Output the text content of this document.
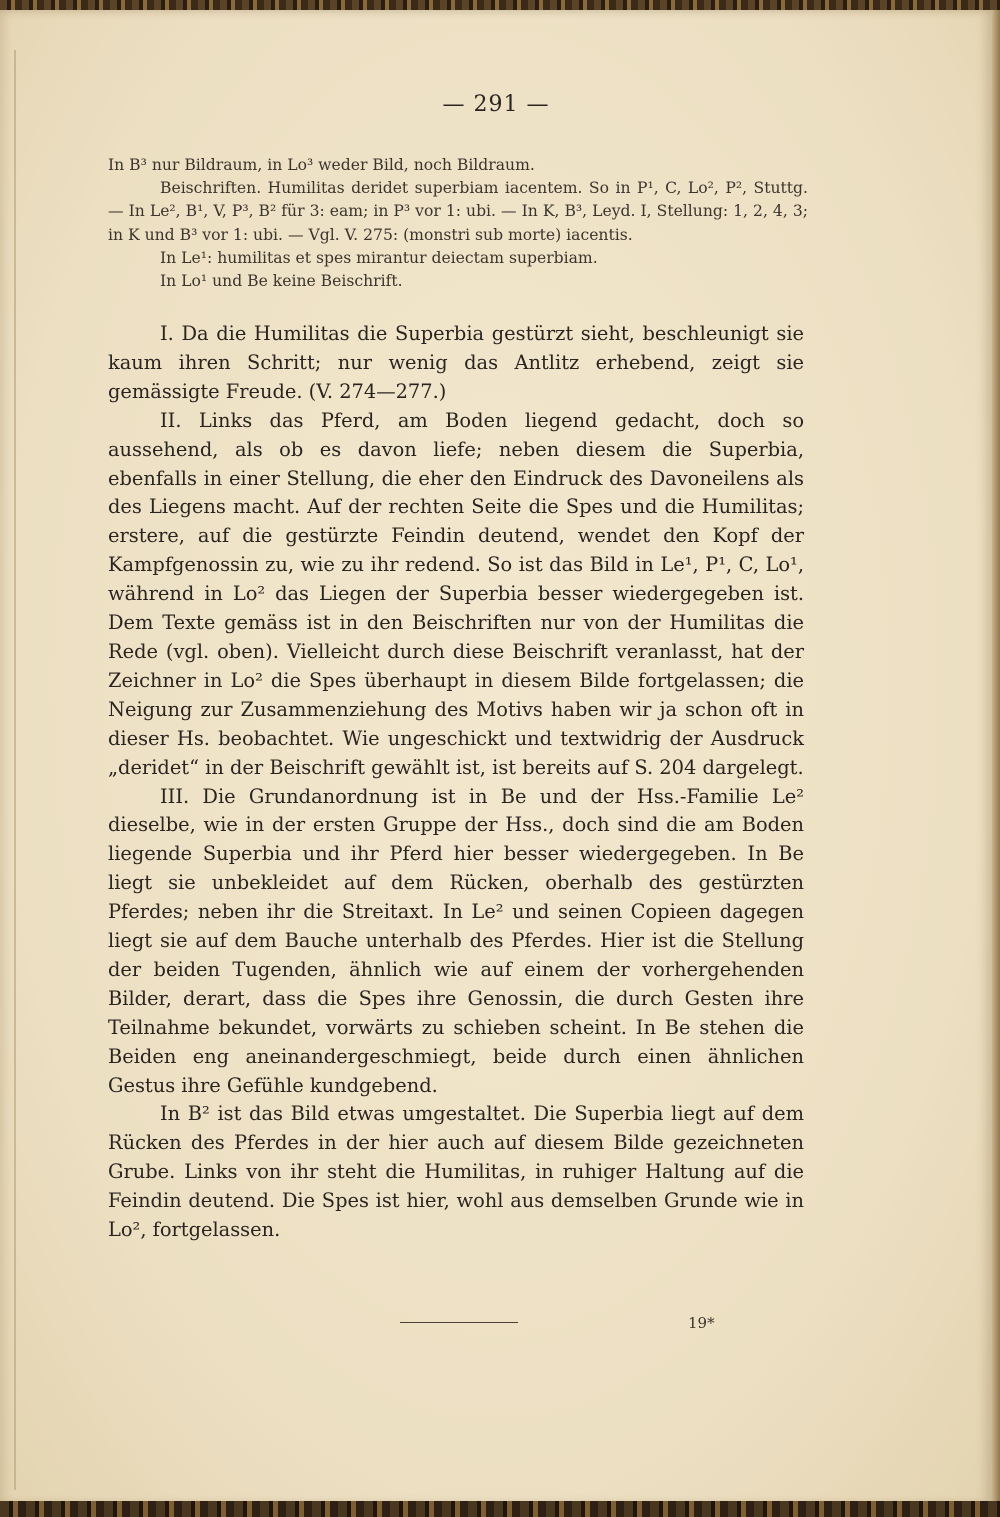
— 291 —
In B³ nur Bildraum, in Lo³ weder Bild, noch Bildraum.
Beischriften. Humilitas deridet superbiam iacentem. So in P¹, C, Lo², P², Stuttg. — In Le², B¹, V, P³, B² für 3: eam; in P³ vor 1: ubi. — In K, B³, Leyd. I, Stellung: 1, 2, 4, 3; in K und B³ vor 1: ubi. — Vgl. V. 275: (monstri sub morte) iacentis.
In Le¹: humilitas et spes mirantur deiectam superbiam.
In Lo¹ und Be keine Beischrift.

I. Da die Humilitas die Superbia gestürzt sieht, beschleunigt sie kaum ihren Schritt; nur wenig das Antlitz erhebend, zeigt sie gemässigte Freude. (V. 274—277.)

II. Links das Pferd, am Boden liegend gedacht, doch so aussehend, als ob es davon liefe; neben diesem die Superbia, ebenfalls in einer Stellung, die eher den Eindruck des Davoneilens als des Liegens macht. Auf der rechten Seite die Spes und die Humilitas; erstere, auf die gestürzte Feindin deutend, wendet den Kopf der Kampfgenossin zu, wie zu ihr redend. So ist das Bild in Le¹, P¹, C, Lo¹, während in Lo² das Liegen der Superbia besser wiedergegeben ist. Dem Texte gemäss ist in den Beischriften nur von der Humilitas die Rede (vgl. oben). Vielleicht durch diese Beischrift veranlasst, hat der Zeichner in Lo² die Spes überhaupt in diesem Bilde fortgelassen; die Neigung zur Zusammenziehung des Motivs haben wir ja schon oft in dieser Hs. beobachtet. Wie ungeschickt und textwidrig der Ausdruck „deridet“ in der Beischrift gewählt ist, ist bereits auf S. 204 dargelegt.

III. Die Grundanordnung ist in Be und der Hss.-Familie Le² dieselbe, wie in der ersten Gruppe der Hss., doch sind die am Boden liegende Superbia und ihr Pferd hier besser wiedergegeben. In Be liegt sie unbekleidet auf dem Rücken, oberhalb des gestürzten Pferdes; neben ihr die Streitaxt. In Le² und seinen Copieen dagegen liegt sie auf dem Bauche unterhalb des Pferdes. Hier ist die Stellung der beiden Tugenden, ähnlich wie auf einem der vorhergehenden Bilder, derart, dass die Spes ihre Genossin, die durch Gesten ihre Teilnahme bekundet, vorwärts zu schieben scheint. In Be stehen die Beiden eng aneinandergeschmiegt, beide durch einen ähnlichen Gestus ihre Gefühle kundgebend.

In B² ist das Bild etwas umgestaltet. Die Superbia liegt auf dem Rücken des Pferdes in der hier auch auf diesem Bilde gezeichneten Grube. Links von ihr steht die Humilitas, in ruhiger Haltung auf die Feindin deutend. Die Spes ist hier, wohl aus demselben Grunde wie in Lo², fortgelassen.

19*
